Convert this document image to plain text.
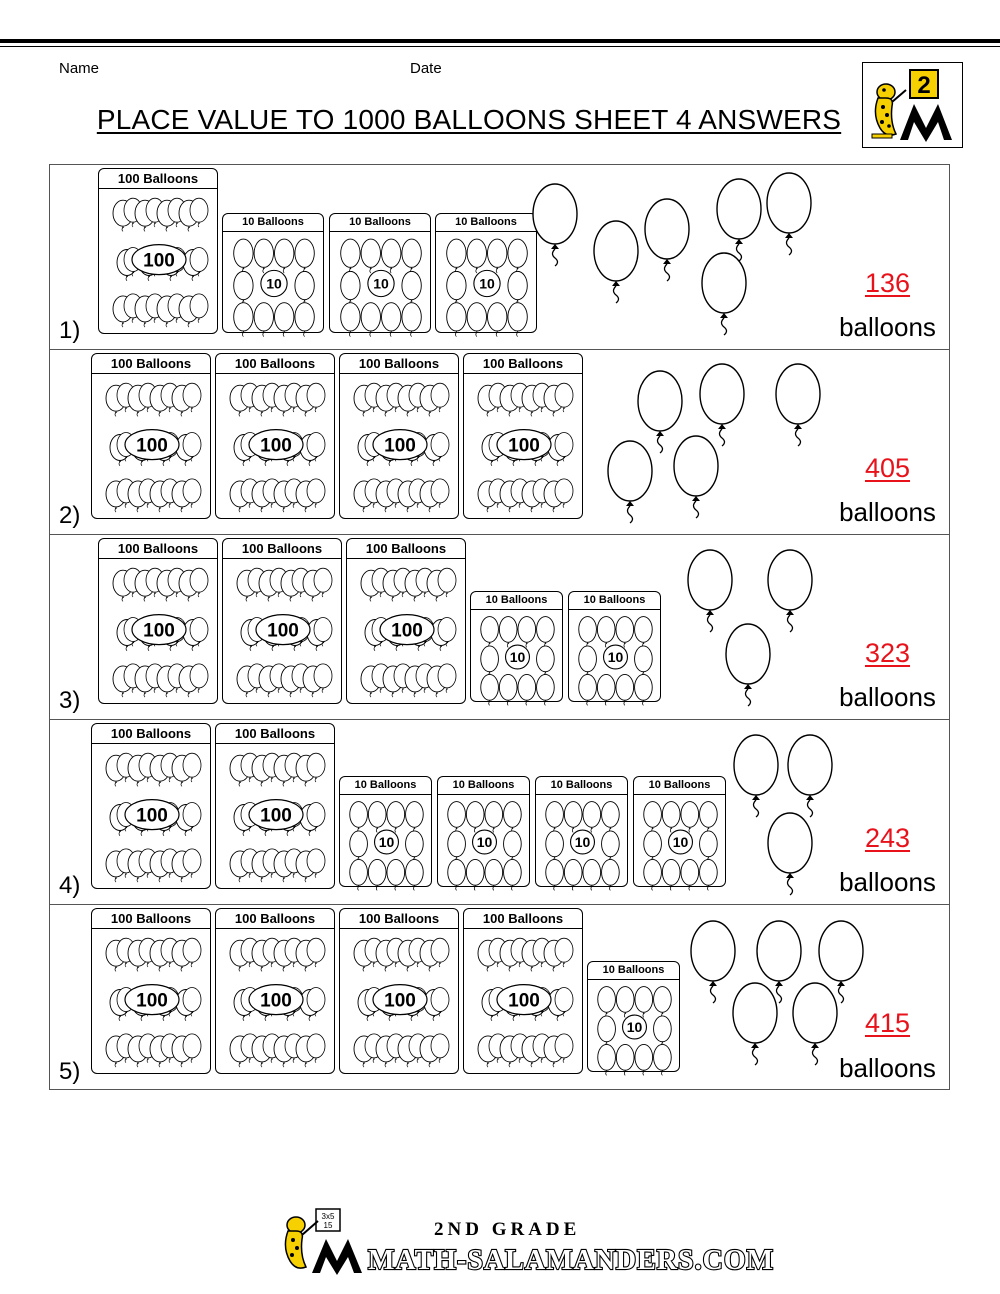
Name	Date
PLACE VALUE TO 1000 BALLOONS SHEET 4 ANSWERS
2
1)
136
balloons
100 Balloons
100
10 Balloons
10
10 Balloons
10
10 Balloons
10
2)
405
balloons
100 Balloons
100
100 Balloons
100
100 Balloons
100
100 Balloons
100
3)
323
balloons
100 Balloons
100
100 Balloons
100
100 Balloons
100
10 Balloons
10
10 Balloons
10
4)
243
balloons
100 Balloons
100
100 Balloons
100
10 Balloons
10
10 Balloons
10
10 Balloons
10
10 Balloons
10
5)
415
balloons
100 Balloons
100
100 Balloons
100
100 Balloons
100
100 Balloons
100
10 Balloons
10
3x5
15	2ND GRADE
MATH-SALAMANDERS.COM
